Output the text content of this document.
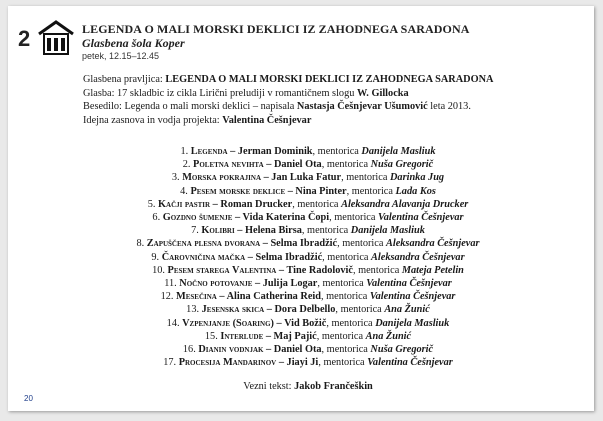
2	LEGENDA O MALI MORSKI DEKLICI IZ ZAHODNEGA SARADONA
Glasbena šola Koper
petek, 12.15–12.45
Glasbena pravljica: LEGENDA O MALI MORSKI DEKLICI IZ ZAHODNEGA SARADONA
Glasba: 17 skladbic iz cikla Lirični preludiji v romantičnem slogu W. Gillocka
Besedilo: Legenda o mali morski deklici – napisala Nastasja Češnjevar Ušumović leta 2013.
Idejna zasnova in vodja projekta: Valentina Češnjevar
1. Legenda – Jerman Dominik, mentorica Danijela Masliuk
2. Poletna nevihta – Daniel Ota, mentorica Nuša Gregorič
3. Morska pokrajina – Jan Luka Fatur, mentorica Darinka Jug
4. Pesem morske deklice – Nina Pinter, mentorica Lada Kos
5. Kačji pastir – Roman Drucker, mentorica Aleksandra Alavanja Drucker
6. Gozdno šumenje – Vida Katerina Čopi, mentorica Valentina Češnjevar
7. Kolibri – Helena Birsa, mentorica Danijela Masliuk
8. Zapuščena plesna dvorana – Selma Ibradžić, mentorica Aleksandra Češnjevar
9. Čarovničina mačka – Selma Ibradžić, mentorica Aleksandra Češnjevar
10. Pesem starega Valentina – Tine Radolovič, mentorica Mateja Petelin
11. Nočno potovanje – Julija Logar, mentorica Valentina Češnjevar
12. Mesečina – Alina Catherina Reid, mentorica Valentina Češnjevar
13. Jesenska skica – Dora Delbello, mentorica Ana Žunić
14. Vzpenjanje (Soaring) – Vid Božič, mentorica Danijela Masliuk
15. Interlude – Maj Pajić, mentorica Ana Žunić
16. Dianin vodnjak – Daniel Ota, mentorica Nuša Gregorič
17. Procesija Mandarinov – Jiayi Ji, mentorica Valentina Češnjevar
Vezni tekst: Jakob Frančeškin
20
